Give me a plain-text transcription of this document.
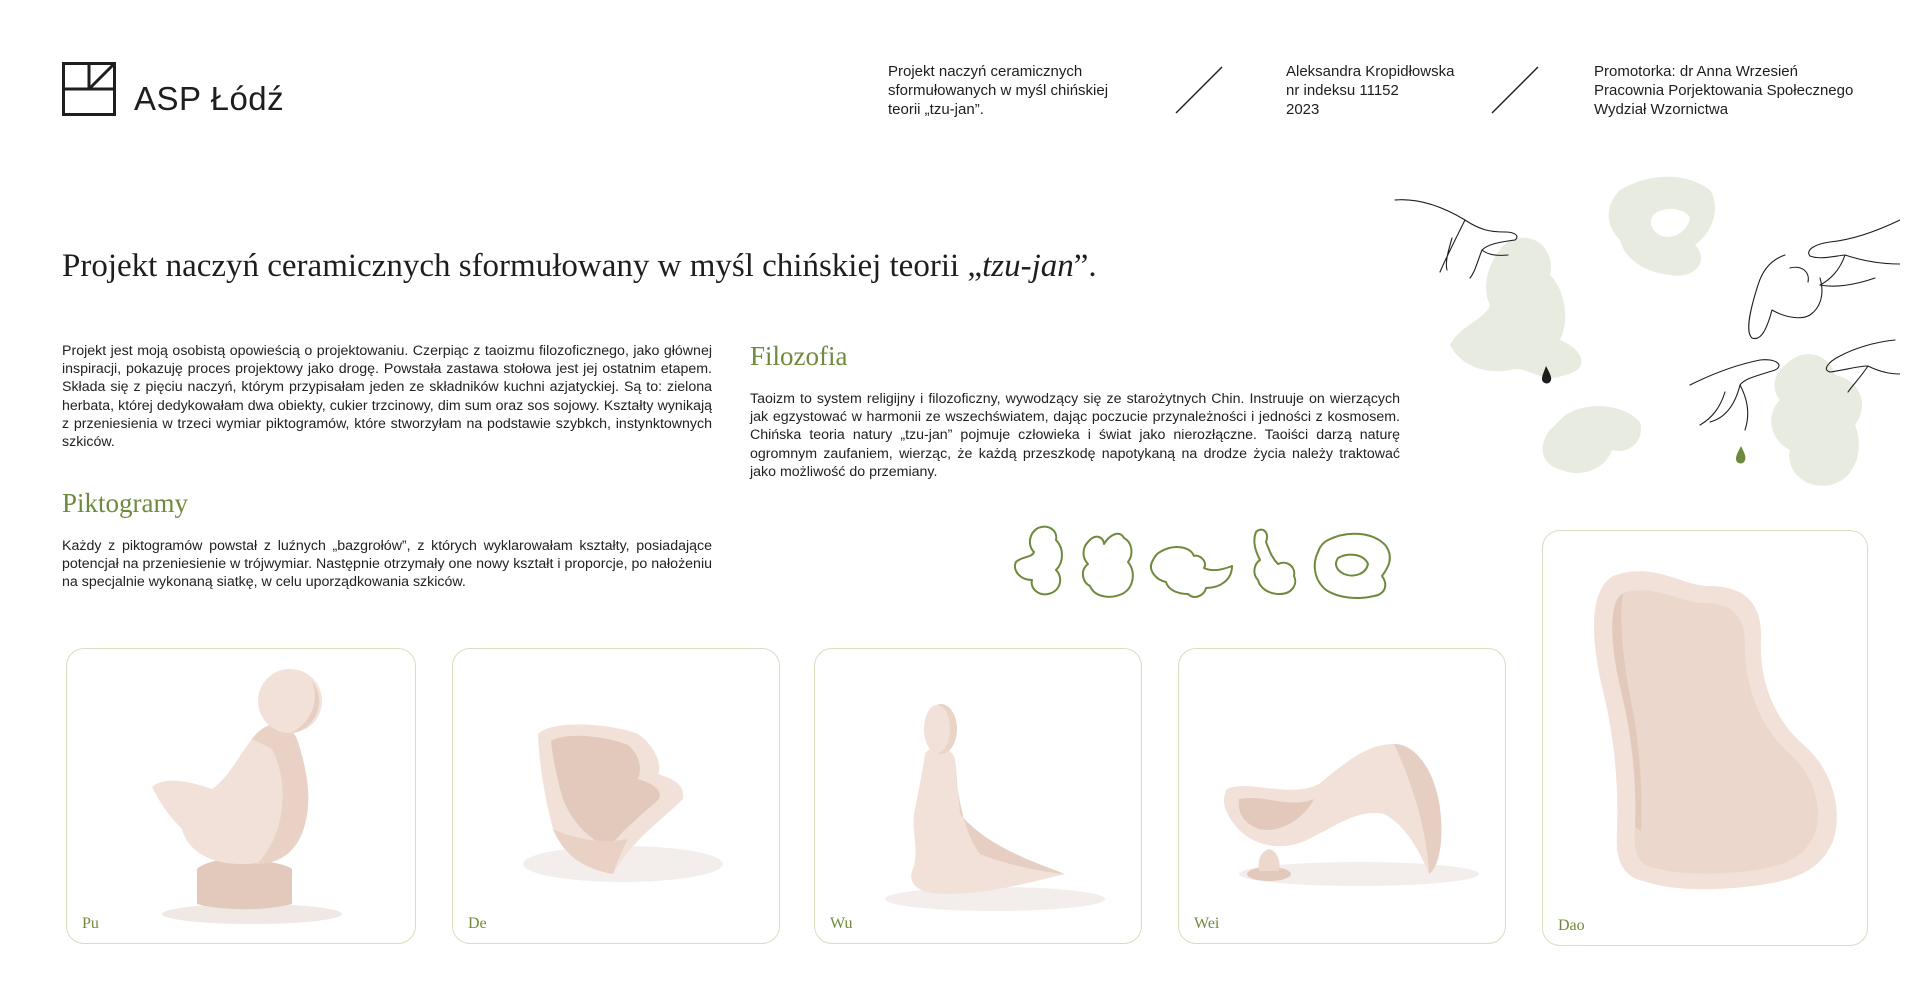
ASP Łódź
Projekt naczyń ceramicznych
sformułowanych w myśl chińskiej
teorii „tzu-jan”.
Aleksandra Kropidłowska
nr indeksu 11152
2023
Promotorka: dr Anna Wrzesień
Pracownia Porjektowania Społecznego
Wydział Wzornictwa
Projekt naczyń ceramicznych sformułowany w myśl chińskiej teorii „tzu-jan”.
Projekt jest moją osobistą opowieścią o projektowaniu. Czerpiąc z taoizmu filozoficznego, jako głównej inspiracji, pokazuję proces projektowy jako drogę. Powstała zastawa stołowa jest jej ostatnim etapem. Składa się z pięciu naczyń, którym przypisałam jeden ze składników kuchni azjatyckiej. Są to: zielona herbata, której dedykowałam dwa obiekty, cukier trzcinowy, dim sum oraz sos sojowy. Kształty wynikają z przeniesienia w trzeci wymiar piktogramów, które stworzyłam na podstawie szybkch, instynktownych szkiców.
Piktogramy
Każdy z piktogramów powstał z luźnych „bazgrołów”, z których wyklarowałam kształty, posiadające potencjał na przeniesienie w trójwymiar. Następnie otrzymały one nowy kształt i proporcje, po nałożeniu na specjalnie wykonaną siatkę, w celu uporządkowania szkiców.
Filozofia
Taoizm to system religijny i filozoficzny, wywodzący się ze starożytnych Chin. Instruuje on wierzących jak egzystować w harmonii ze wszechświatem, dając poczucie przynależności i jedności z kosmosem. Chińska teoria natury „tzu-jan” pojmuje człowieka i świat jako nierozłączne. Taoiści darzą naturę ogromnym zaufaniem, wierząc, że każdą przeszkodę napotykaną na drodze życia należy traktować jako możliwość do przemiany.
Pu	De	Wu	Wei	Dao
